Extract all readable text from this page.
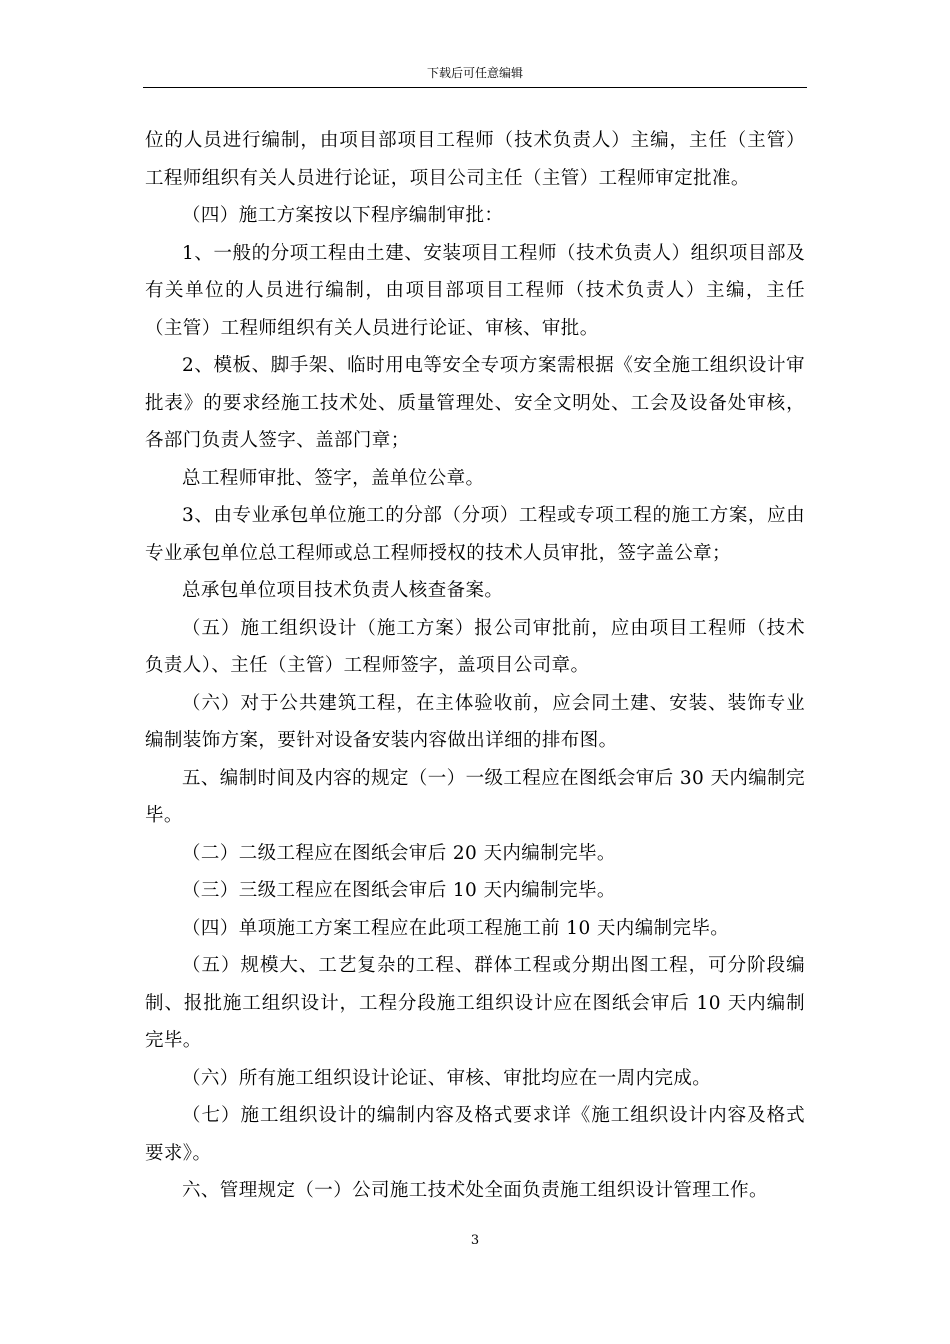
下载后可任意编辑

位的人员进行编制，由项目部项目工程师（技术负责人）主编，主任（主管）工程师组织有关人员进行论证，项目公司主任（主管）工程师审定批准。

（四）施工方案按以下程序编制审批：

1、一般的分项工程由土建、安装项目工程师（技术负责人）组织项目部及有关单位的人员进行编制，由项目部项目工程师（技术负责人）主编，主任（主管）工程师组织有关人员进行论证、审核、审批。

2、模板、脚手架、临时用电等安全专项方案需根据《安全施工组织设计审批表》的要求经施工技术处、质量管理处、安全文明处、工会及设备处审核，各部门负责人签字、盖部门章；

总工程师审批、签字，盖单位公章。

3、由专业承包单位施工的分部（分项）工程或专项工程的施工方案，应由专业承包单位总工程师或总工程师授权的技术人员审批，签字盖公章；

总承包单位项目技术负责人核查备案。

（五）施工组织设计（施工方案）报公司审批前，应由项目工程师（技术负责人）、主任（主管）工程师签字，盖项目公司章。

（六）对于公共建筑工程，在主体验收前，应会同土建、安装、装饰专业编制装饰方案，要针对设备安装内容做出详细的排布图。

五、编制时间及内容的规定（一）一级工程应在图纸会审后 30 天内编制完毕。

（二）二级工程应在图纸会审后 20 天内编制完毕。

（三）三级工程应在图纸会审后 10 天内编制完毕。

（四）单项施工方案工程应在此项工程施工前 10 天内编制完毕。

（五）规模大、工艺复杂的工程、群体工程或分期出图工程，可分阶段编制、报批施工组织设计，工程分段施工组织设计应在图纸会审后 10 天内编制完毕。

（六）所有施工组织设计论证、审核、审批均应在一周内完成。

（七）施工组织设计的编制内容及格式要求详《施工组织设计内容及格式要求》。

六、管理规定（一）公司施工技术处全面负责施工组织设计管理工作。

3
